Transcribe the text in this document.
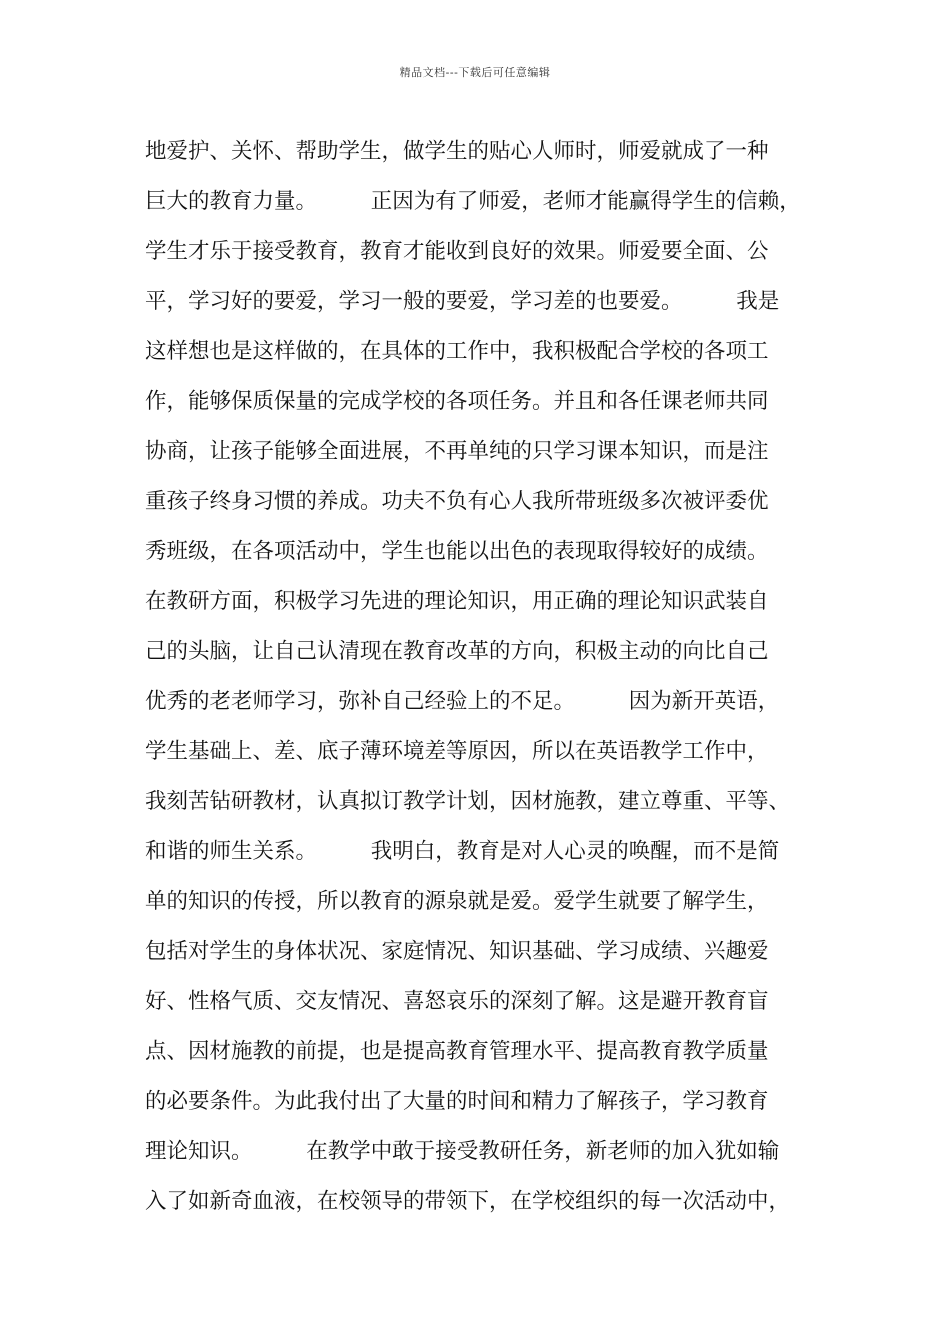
精品文档---下载后可任意编辑
地爱护、关怀、帮助学生，做学生的贴心人师时，师爱就成了一种
巨大的教育力量。　　　正因为有了师爱，老师才能赢得学生的信赖，
学生才乐于接受教育，教育才能收到良好的效果。师爱要全面、公
平，学习好的要爱，学习一般的要爱，学习差的也要爱。　　　我是
这样想也是这样做的，在具体的工作中，我积极配合学校的各项工
作，能够保质保量的完成学校的各项任务。并且和各任课老师共同
协商，让孩子能够全面进展，不再单纯的只学习课本知识，而是注
重孩子终身习惯的养成。功夫不负有心人我所带班级多次被评委优
秀班级，在各项活动中，学生也能以出色的表现取得较好的成绩。
在教研方面，积极学习先进的理论知识，用正确的理论知识武装自
己的头脑，让自己认清现在教育改革的方向，积极主动的向比自己
优秀的老老师学习，弥补自己经验上的不足。　　　因为新开英语，
学生基础上、差、底子薄环境差等原因，所以在英语教学工作中，
我刻苦钻研教材，认真拟订教学计划，因材施教，建立尊重、平等、
和谐的师生关系。　　　我明白，教育是对人心灵的唤醒，而不是简
单的知识的传授，所以教育的源泉就是爱。爱学生就要了解学生，
包括对学生的身体状况、家庭情况、知识基础、学习成绩、兴趣爱
好、性格气质、交友情况、喜怒哀乐的深刻了解。这是避开教育盲
点、因材施教的前提，也是提高教育管理水平、提高教育教学质量
的必要条件。为此我付出了大量的时间和精力了解孩子，学习教育
理论知识。　　　在教学中敢于接受教研任务，新老师的加入犹如输
入了如新奇血液，在校领导的带领下，在学校组织的每一次活动中，
